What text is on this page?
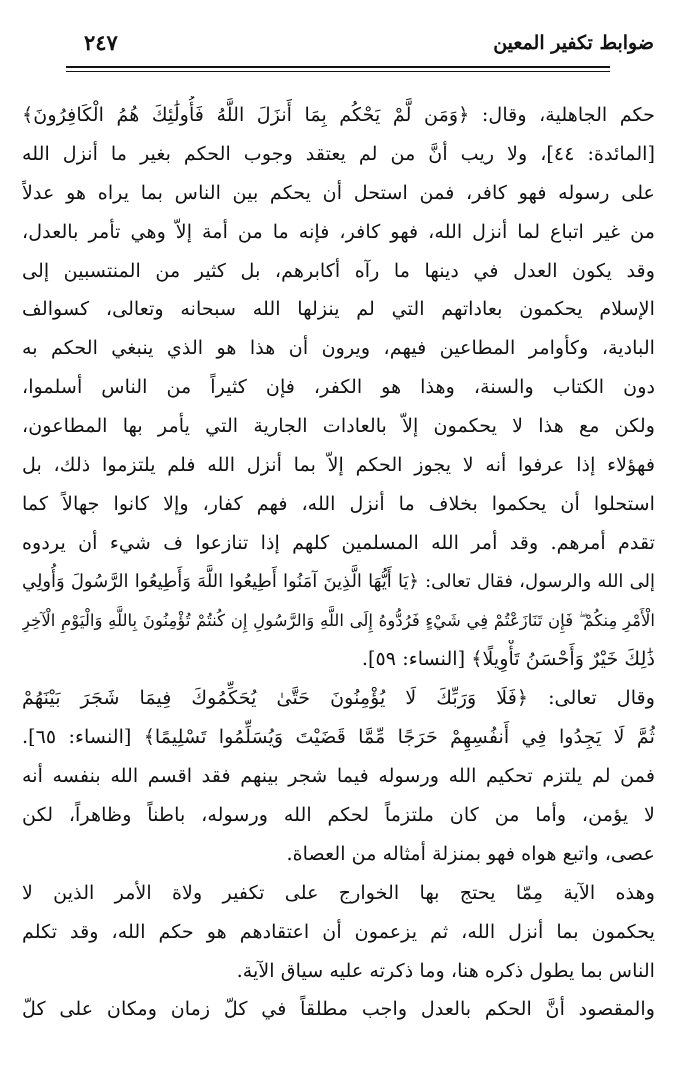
ضوابط تكفير المعين
٢٤٧
حكم الجاهلية، وقال: ﴿وَمَن لَّمْ يَحْكُم بِمَا أَنزَلَ اللَّهُ فَأُولَٰئِكَ هُمُ الْكَافِرُونَ﴾
[المائدة: ٤٤]، ولا ريب أنَّ من لم يعتقد وجوب الحكم بغير ما أنزل الله
على رسوله فهو كافر، فمن استحل أن يحكم بين الناس بما يراه هو عدلاً
من غير اتباع لما أنزل الله، فهو كافر، فإنه ما من أمة إلاّ وهي تأمر بالعدل،
وقد يكون العدل في دينها ما رآه أكابرهم، بل كثير من المنتسبين إلى
الإسلام يحكمون بعاداتهم التي لم ينزلها الله سبحانه وتعالى، كسوالف
البادية، وكأوامر المطاعين فيهم، ويرون أن هذا هو الذي ينبغي الحكم به
دون الكتاب والسنة، وهذا هو الكفر، فإن كثيراً من الناس أسلموا،
ولكن مع هذا لا يحكمون إلاّ بالعادات الجارية التي يأمر بها المطاعون،
فهؤلاء إذا عرفوا أنه لا يجوز الحكم إلاّ بما أنزل الله فلم يلتزموا ذلك، بل
استحلوا أن يحكموا بخلاف ما أنزل الله، فهم كفار، وإلا كانوا جهالاً كما
تقدم أمرهم. وقد أمر الله المسلمين كلهم إذا تنازعوا ف شيء أن يردوه
إلى الله والرسول، فقال تعالى: ﴿يَا أَيُّهَا الَّذِينَ آمَنُوا أَطِيعُوا اللَّهَ وَأَطِيعُوا الرَّسُولَ وَأُولِي
الْأَمْرِ مِنكُمْ ۖ فَإِن تَنَازَعْتُمْ فِي شَيْءٍ فَرُدُّوهُ إِلَى اللَّهِ وَالرَّسُولِ إِن كُنتُمْ تُؤْمِنُونَ بِاللَّهِ وَالْيَوْمِ الْآخِرِ
ذَٰلِكَ خَيْرٌ وَأَحْسَنُ تَأْوِيلًا﴾ [النساء: ٥٩].
وقال تعالى: ﴿فَلَا وَرَبِّكَ لَا يُؤْمِنُونَ حَتَّىٰ يُحَكِّمُوكَ فِيمَا شَجَرَ بَيْنَهُمْ
ثُمَّ لَا يَجِدُوا فِي أَنفُسِهِمْ حَرَجًا مِّمَّا قَضَيْتَ وَيُسَلِّمُوا تَسْلِيمًا﴾ [النساء: ٦٥].
فمن لم يلتزم تحكيم الله ورسوله فيما شجر بينهم فقد اقسم الله بنفسه أنه
لا يؤمن، وأما من كان ملتزماً لحكم الله ورسوله، باطناً وظاهراً، لكن
عصى، واتبع هواه فهو بمنزلة أمثاله من العصاة.
وهذه الآية مِمّا يحتج بها الخوارج على تكفير ولاة الأمر الذين لا
يحكمون بما أنزل الله، ثم يزعمون أن اعتقادهم هو حكم الله، وقد تكلم
الناس بما يطول ذكره هنا، وما ذكرته عليه سياق الآية.
والمقصود أنَّ الحكم بالعدل واجب مطلقاً في كلّ زمان ومكان على كلّ
